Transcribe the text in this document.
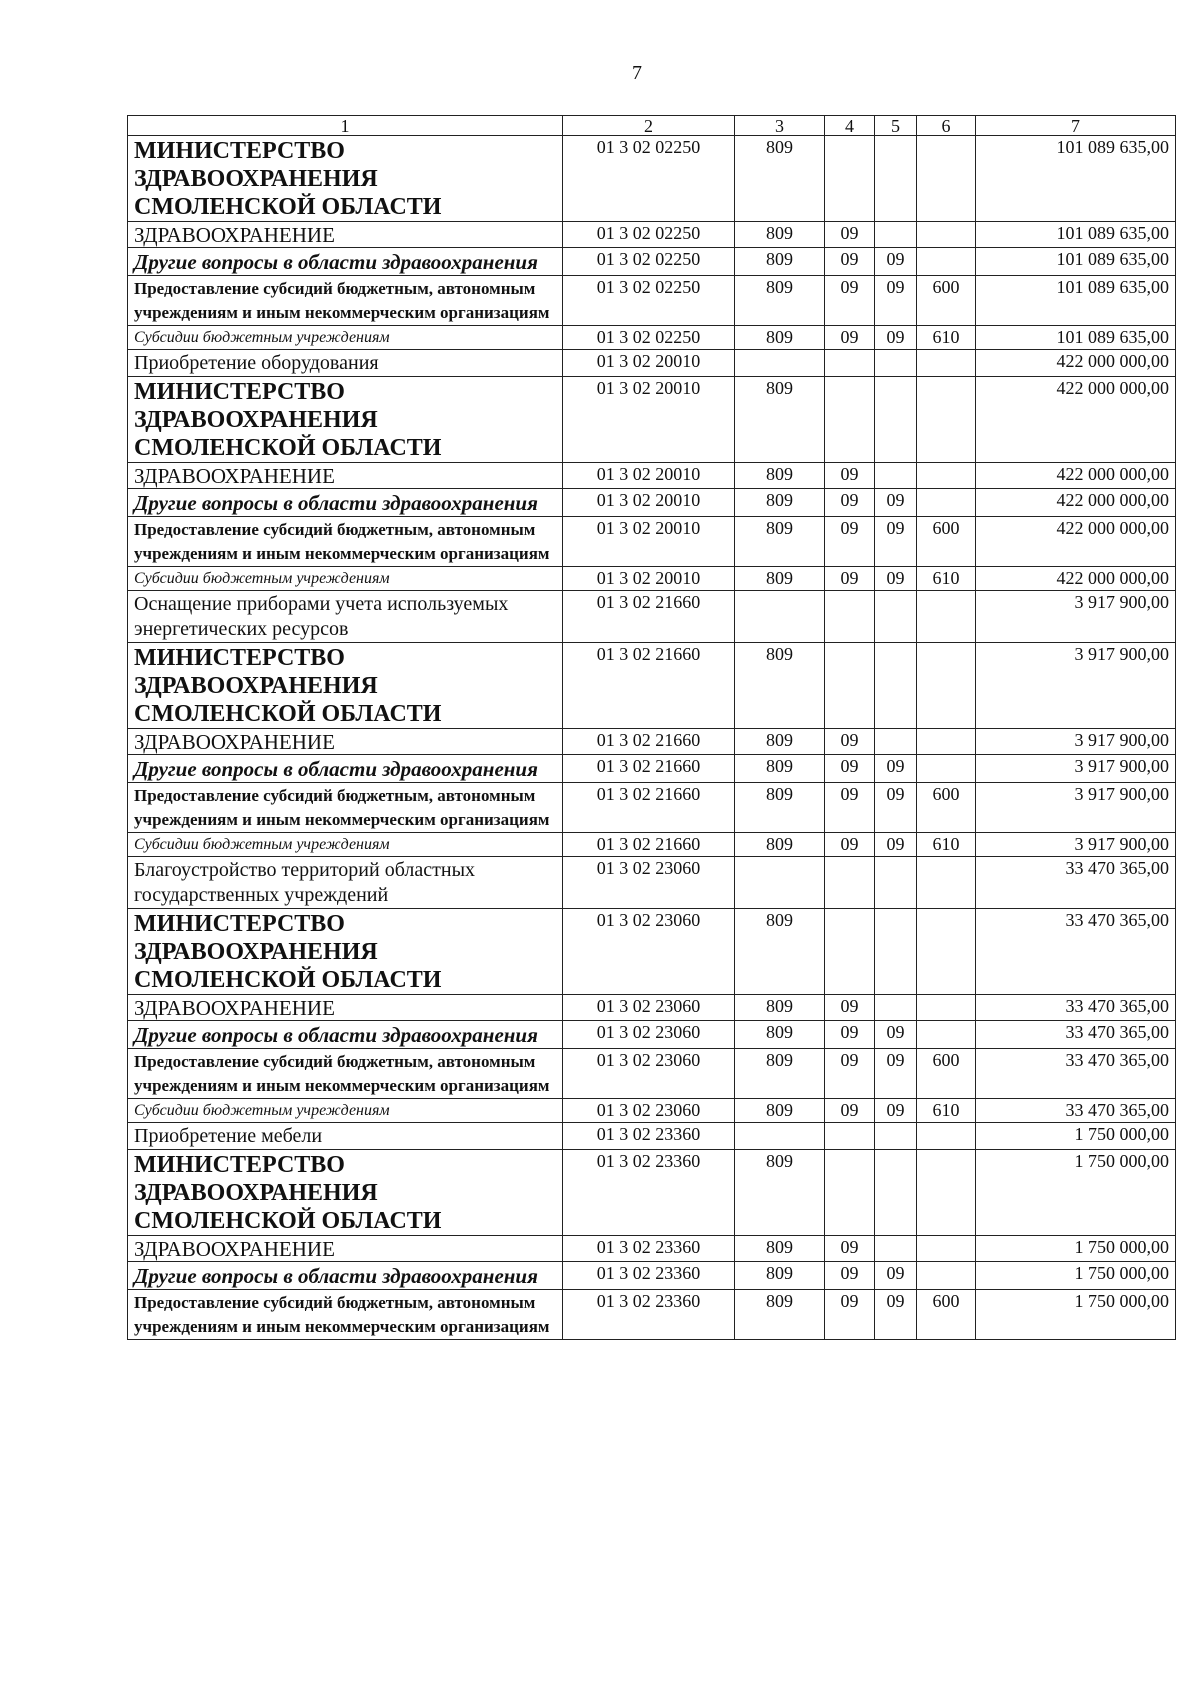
7
1	2	3	4	5	6	7
МИНИСТЕРСТВО ЗДРАВООХРАНЕНИЯ СМОЛЕНСКОЙ ОБЛАСТИ	01 3 02 02250	809				101 089 635,00
ЗДРАВООХРАНЕНИЕ	01 3 02 02250	809	09			101 089 635,00
Другие вопросы в области здравоохранения	01 3 02 02250	809	09	09		101 089 635,00
Предоставление субсидий бюджетным, автономным учреждениям и иным некоммерческим организациям	01 3 02 02250	809	09	09	600	101 089 635,00
Субсидии бюджетным учреждениям	01 3 02 02250	809	09	09	610	101 089 635,00
Приобретение оборудования	01 3 02 20010					422 000 000,00
МИНИСТЕРСТВО ЗДРАВООХРАНЕНИЯ СМОЛЕНСКОЙ ОБЛАСТИ	01 3 02 20010	809				422 000 000,00
ЗДРАВООХРАНЕНИЕ	01 3 02 20010	809	09			422 000 000,00
Другие вопросы в области здравоохранения	01 3 02 20010	809	09	09		422 000 000,00
Предоставление субсидий бюджетным, автономным учреждениям и иным некоммерческим организациям	01 3 02 20010	809	09	09	600	422 000 000,00
Субсидии бюджетным учреждениям	01 3 02 20010	809	09	09	610	422 000 000,00
Оснащение приборами учета используемых энергетических ресурсов	01 3 02 21660					3 917 900,00
МИНИСТЕРСТВО ЗДРАВООХРАНЕНИЯ СМОЛЕНСКОЙ ОБЛАСТИ	01 3 02 21660	809				3 917 900,00
ЗДРАВООХРАНЕНИЕ	01 3 02 21660	809	09			3 917 900,00
Другие вопросы в области здравоохранения	01 3 02 21660	809	09	09		3 917 900,00
Предоставление субсидий бюджетным, автономным учреждениям и иным некоммерческим организациям	01 3 02 21660	809	09	09	600	3 917 900,00
Субсидии бюджетным учреждениям	01 3 02 21660	809	09	09	610	3 917 900,00
Благоустройство территорий областных государственных учреждений	01 3 02 23060					33 470 365,00
МИНИСТЕРСТВО ЗДРАВООХРАНЕНИЯ СМОЛЕНСКОЙ ОБЛАСТИ	01 3 02 23060	809				33 470 365,00
ЗДРАВООХРАНЕНИЕ	01 3 02 23060	809	09			33 470 365,00
Другие вопросы в области здравоохранения	01 3 02 23060	809	09	09		33 470 365,00
Предоставление субсидий бюджетным, автономным учреждениям и иным некоммерческим организациям	01 3 02 23060	809	09	09	600	33 470 365,00
Субсидии бюджетным учреждениям	01 3 02 23060	809	09	09	610	33 470 365,00
Приобретение мебели	01 3 02 23360					1 750 000,00
МИНИСТЕРСТВО ЗДРАВООХРАНЕНИЯ СМОЛЕНСКОЙ ОБЛАСТИ	01 3 02 23360	809				1 750 000,00
ЗДРАВООХРАНЕНИЕ	01 3 02 23360	809	09			1 750 000,00
Другие вопросы в области здравоохранения	01 3 02 23360	809	09	09		1 750 000,00
Предоставление субсидий бюджетным, автономным учреждениям и иным некоммерческим организациям	01 3 02 23360	809	09	09	600	1 750 000,00
